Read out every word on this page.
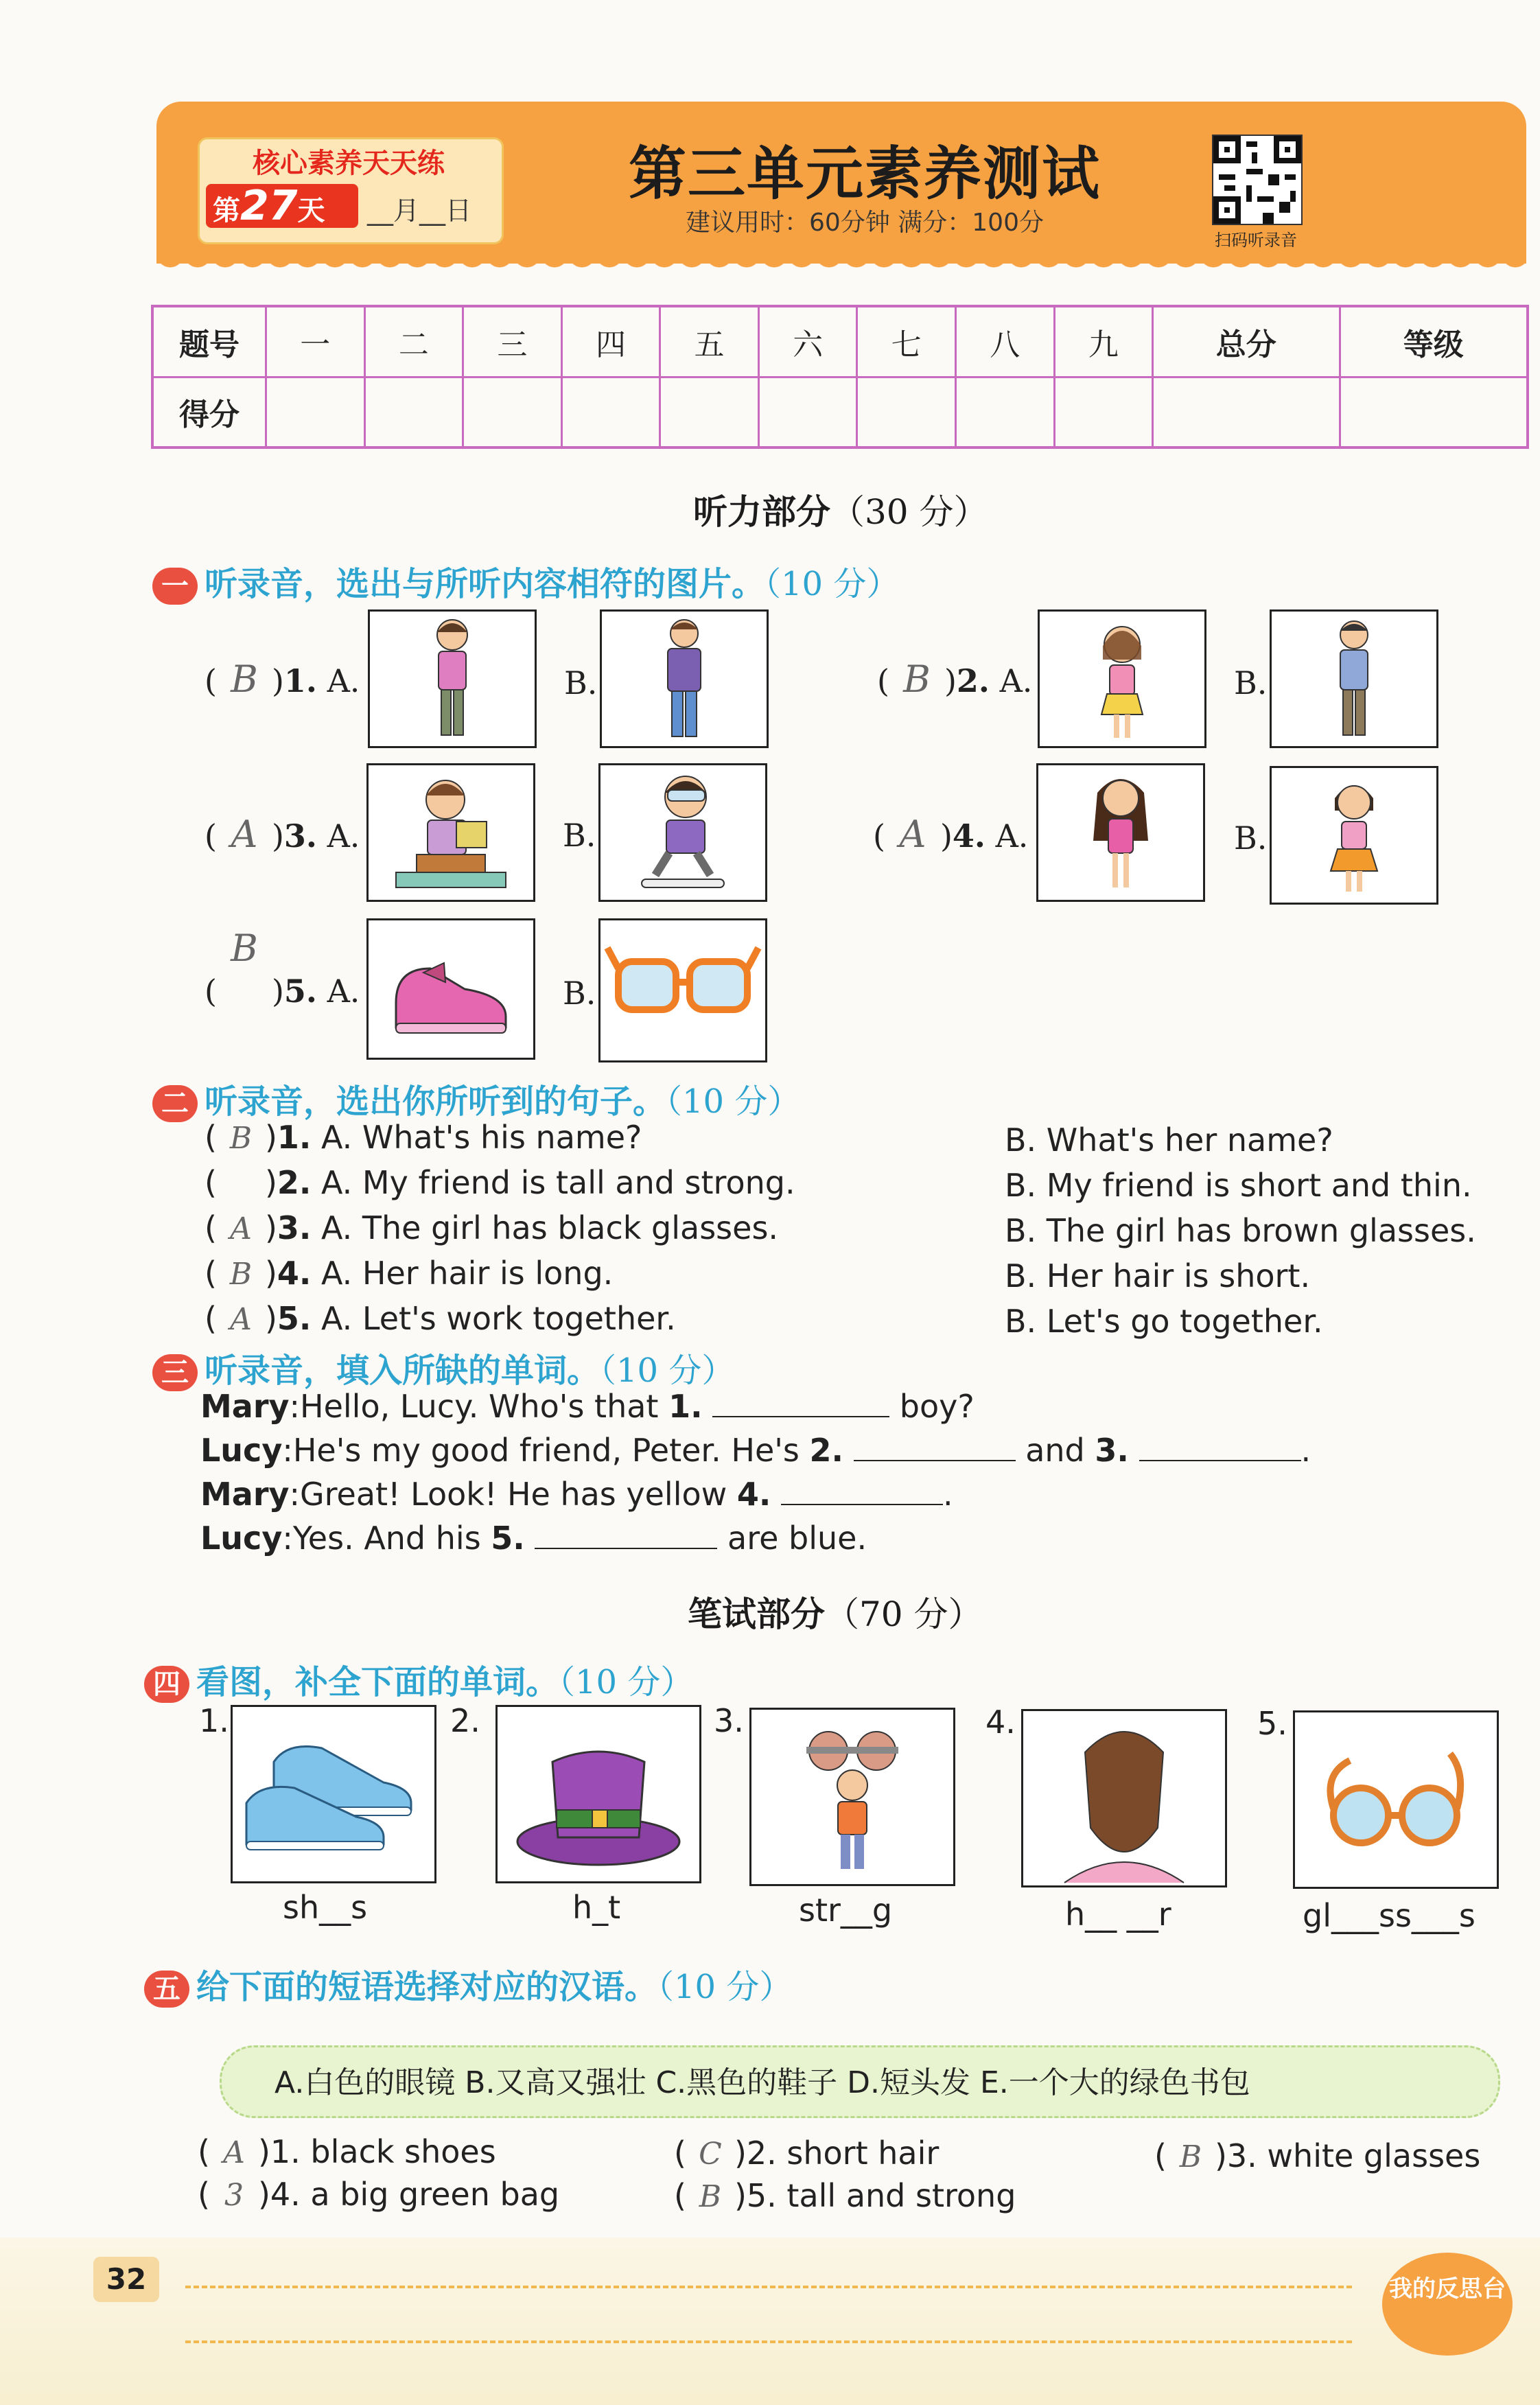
核心素养天天练
第27天	__月__日
第三单元素养测试
建议用时：60分钟 满分：100分
扫码听录音
题号	一	二	三	四	五	六	七	八	九	总分	等级
得分											
听力部分（30 分）
一 听录音，选出与所听内容相符的图片。（10 分）
( B )1. A.	B.	( B )2. A.	B.
( A )3. A.	B.	( A )4. A.	B.
(B)5. A.	B.
二 听录音，选出你所听到的句子。（10 分）
( B )1. A. What's his name?	B. What's her name?
( )2. A. My friend is tall and strong.	B. My friend is short and thin.
( A )3. A. The girl has black glasses.	B. The girl has brown glasses.
( B )4. A. Her hair is long.	B. Her hair is short.
( A )5. A. Let's work together.	B. Let's go together.
三 听录音，填入所缺的单词。（10 分）
Mary:Hello, Lucy. Who's that 1.	boy?
Lucy:He's my good friend, Peter. He's 2.	and 3.	.
Mary:Great! Look! He has yellow 4.	.
Lucy:Yes. And his 5.	are blue.
笔试部分（70 分）
四 看图，补全下面的单词。（10 分）
1.
sh__s
2.
h_t
3.
str__g
4.
h__ __r
5.
gl___ss___s
五 给下面的短语选择对应的汉语。（10 分）
A.白色的眼镜 B.又高又强壮 C.黑色的鞋子 D.短头发 E.一个大的绿色书包
( A )1. black shoes	( C )2. short hair	( B )3. white glasses
( 3 )4. a big green bag	( B )5. tall and strong
32	我的反思台
